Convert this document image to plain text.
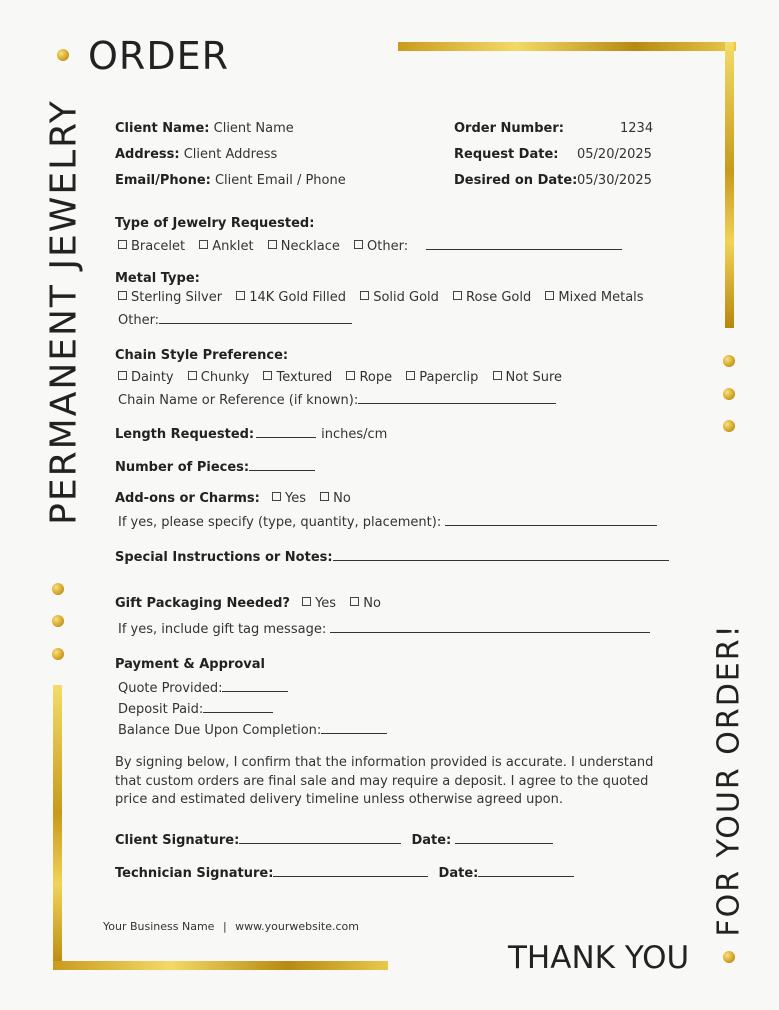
ORDER
PERMANENT JEWELRY
FOR YOUR ORDER!
THANK YOU
Client Name: Client Name
Address: Client Address
Email/Phone: Client Email / Phone
Order Number:	1234
Request Date: 05/20/2025
Desired on Date: 05/30/2025
Type of Jewelry Requested:
Bracelet Anklet Necklace Other:
Metal Type:
Sterling Silver 14K Gold Filled Solid Gold Rose Gold Mixed Metals
Other:
Chain Style Preference:
Dainty Chunky Textured Rope Paperclip Not Sure
Chain Name or Reference (if known):
Length Requested:	inches/cm
Number of Pieces:
Add-ons or Charms: Yes No
If yes, please specify (type, quantity, placement):
Special Instructions or Notes:
Gift Packaging Needed? Yes No
If yes, include gift tag message:
Payment & Approval
Quote Provided:
Deposit Paid:
Balance Due Upon Completion:
By signing below, I confirm that the information provided is accurate. I understand
that custom orders are final sale and may require a deposit. I agree to the quoted
price and estimated delivery timeline unless otherwise agreed upon.
Client Signature:	Date:
Technician Signature:	Date:
Your Business Name | www.yourwebsite.com
